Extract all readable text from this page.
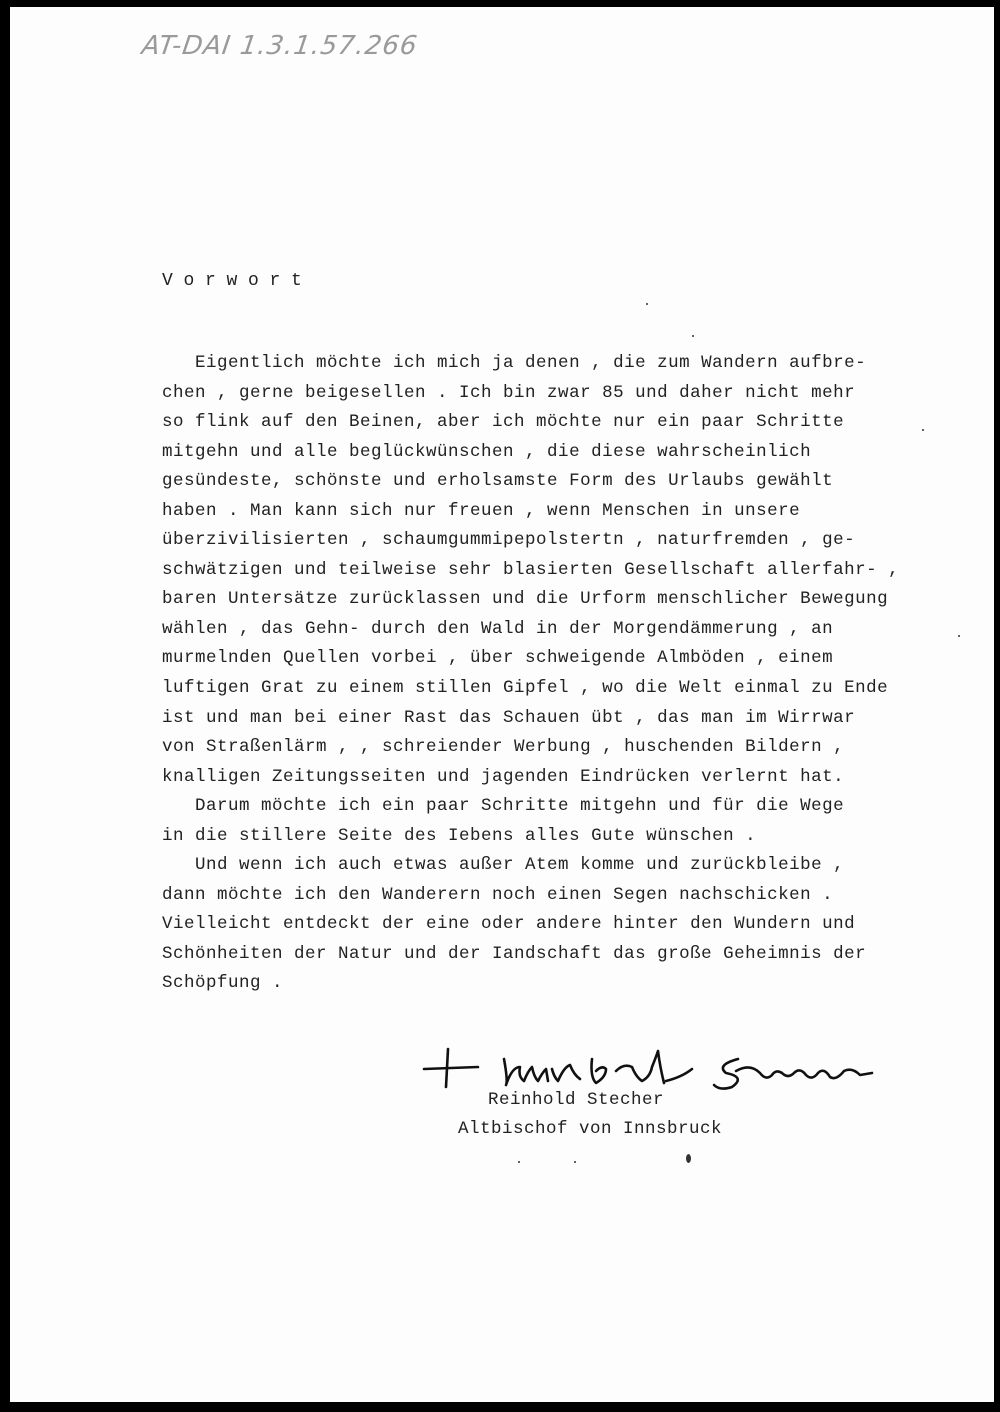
AT-DAI 1.3.1.57.266
Vorwort
Eigentlich möchte ich mich ja denen , die zum Wandern aufbre-
chen , gerne beigesellen . Ich bin zwar 85 und daher nicht mehr
so flink auf den Beinen, aber ich möchte nur ein paar Schritte
mitgehn und alle beglückwünschen , die diese wahrscheinlich
gesündeste, schönste und erholsamste Form des Urlaubs gewählt
haben . Man kann sich nur freuen , wenn Menschen in unsere
überzivilisierten , schaumgummipepolstertn , naturfremden , ge-
schwätzigen und teilweise sehr blasierten Gesellschaft allerfahr- ,
baren Untersätze zurücklassen und die Urform menschlicher Bewegung
wählen , das Gehn- durch den Wald in der Morgendämmerung , an
murmelnden Quellen vorbei , über schweigende Almböden , einem
luftigen Grat zu einem stillen Gipfel , wo die Welt einmal zu Ende
ist und man bei einer Rast das Schauen übt , das man im Wirrwar
von Straßenlärm , , schreiender Werbung , huschenden Bildern ,
knalligen Zeitungsseiten und jagenden Eindrücken verlernt hat.
Darum möchte ich ein paar Schritte mitgehn und für die Wege
in die stillere Seite des Iebens alles Gute wünschen .
Und wenn ich auch etwas außer Atem komme und zurückbleibe ,
dann möchte ich den Wanderern noch einen Segen nachschicken .
Vielleicht entdeckt der eine oder andere hinter den Wundern und
Schönheiten der Natur und der Iandschaft das große Geheimnis der
Schöpfung .
Reinhold Stecher
Altbischof von Innsbruck
